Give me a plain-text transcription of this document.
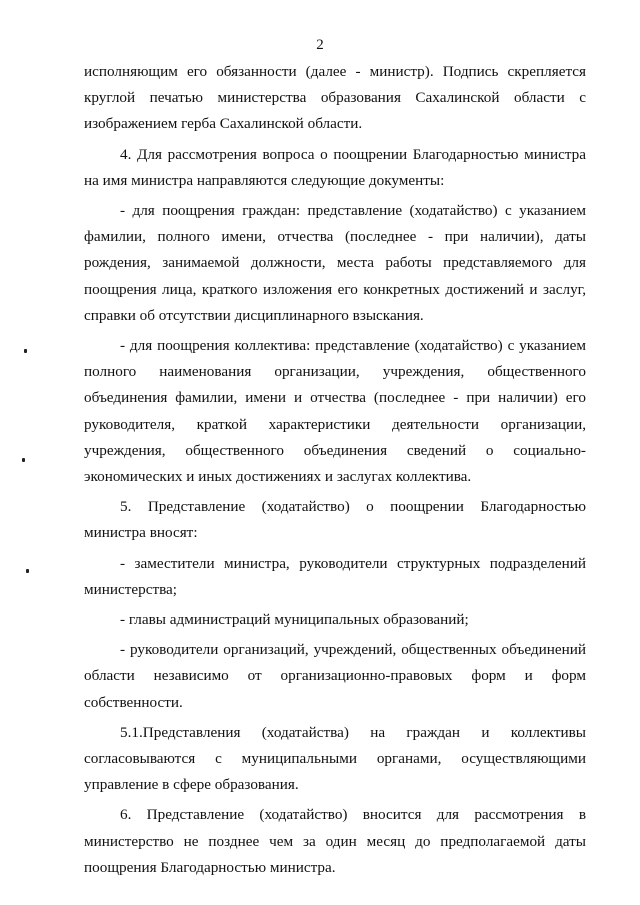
2

исполняющим его обязанности (далее - министр). Подпись скрепляется круглой печатью министерства образования Сахалинской области с изображением герба Сахалинской области.

4. Для рассмотрения вопроса о поощрении Благодарностью министра на имя министра направляются следующие документы:

- для поощрения граждан: представление (ходатайство) с указанием фамилии, полного имени, отчества (последнее - при наличии), даты рождения, занимаемой должности, места работы представляемого для поощрения лица, краткого изложения его конкретных достижений и заслуг, справки об отсутствии дисциплинарного взыскания.

- для поощрения коллектива: представление (ходатайство) с указанием полного наименования организации, учреждения, общественного объединения фамилии, имени и отчества (последнее - при наличии) его руководителя, краткой характеристики деятельности организации, учреждения, общественного объединения сведений о социально-экономических и иных достижениях и заслугах коллектива.

5. Представление (ходатайство) о поощрении Благодарностью министра вносят:

- заместители министра, руководители структурных подразделений министерства;

- главы администраций муниципальных образований;

- руководители организаций, учреждений, общественных объединений области независимо от организационно-правовых форм и форм собственности.

5.1.Представления (ходатайства) на граждан и коллективы согласовываются с муниципальными органами, осуществляющими управление в сфере образования.

6. Представление (ходатайство) вносится для рассмотрения в министерство не позднее чем за один месяц до предполагаемой даты поощрения Благодарностью министра.
